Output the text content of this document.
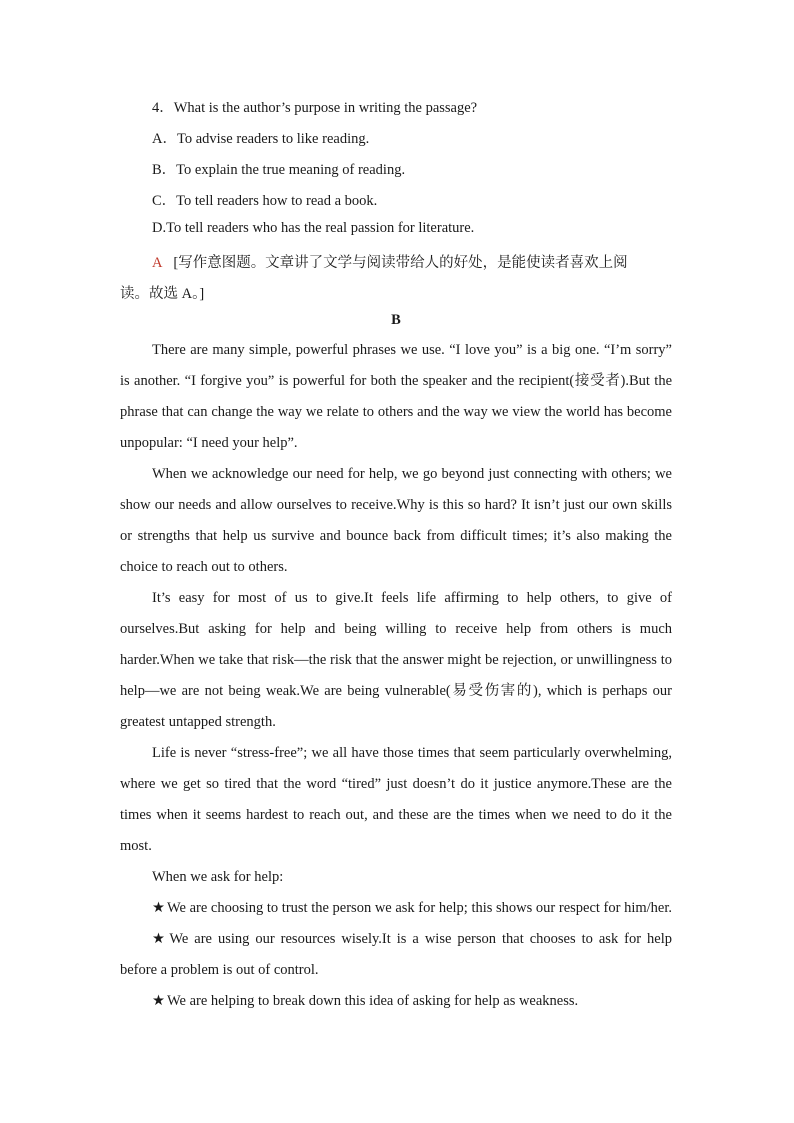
4．What is the author’s purpose in writing the passage?
A．To advise readers to like reading.
B．To explain the true meaning of reading.
C．To tell readers how to read a book.
D.To tell readers who has the real passion for literature.
A [写作意图题。文章讲了文学与阅读带给人的好处，是能使读者喜欢上阅
读。故选 A。]
B

There are many simple, powerful phrases we use. “I love you” is a big one. “I’m sorry” is another. “I forgive you” is powerful for both the speaker and the recipient(接受者).But the phrase that can change the way we relate to others and the way we view the world has become unpopular: “I need your help”.

When we acknowledge our need for help, we go beyond just connecting with others; we show our needs and allow ourselves to receive.Why is this so hard? It isn’t just our own skills or strengths that help us survive and bounce back from difficult times; it’s also making the choice to reach out to others.

It’s easy for most of us to give.It feels life affirming to help others, to give of ourselves.But asking for help and being willing to receive help from others is much harder.When we take that risk—the risk that the answer might be rejection, or unwillingness to help—we are not being weak.We are being vulnerable(易受伤害的), which is perhaps our greatest untapped strength.

Life is never “stress-free”; we all have those times that seem particularly overwhelming, where we get so tired that the word “tired” just doesn’t do it justice anymore.These are the times when it seems hardest to reach out, and these are the times when we need to do it the most.

When we ask for help:

★ We are choosing to trust the person we ask for help; this shows our respect for him/her.

★ We are using our resources wisely.It is a wise person that chooses to ask for help before a problem is out of control.

★ We are helping to break down this idea of asking for help as weakness.
